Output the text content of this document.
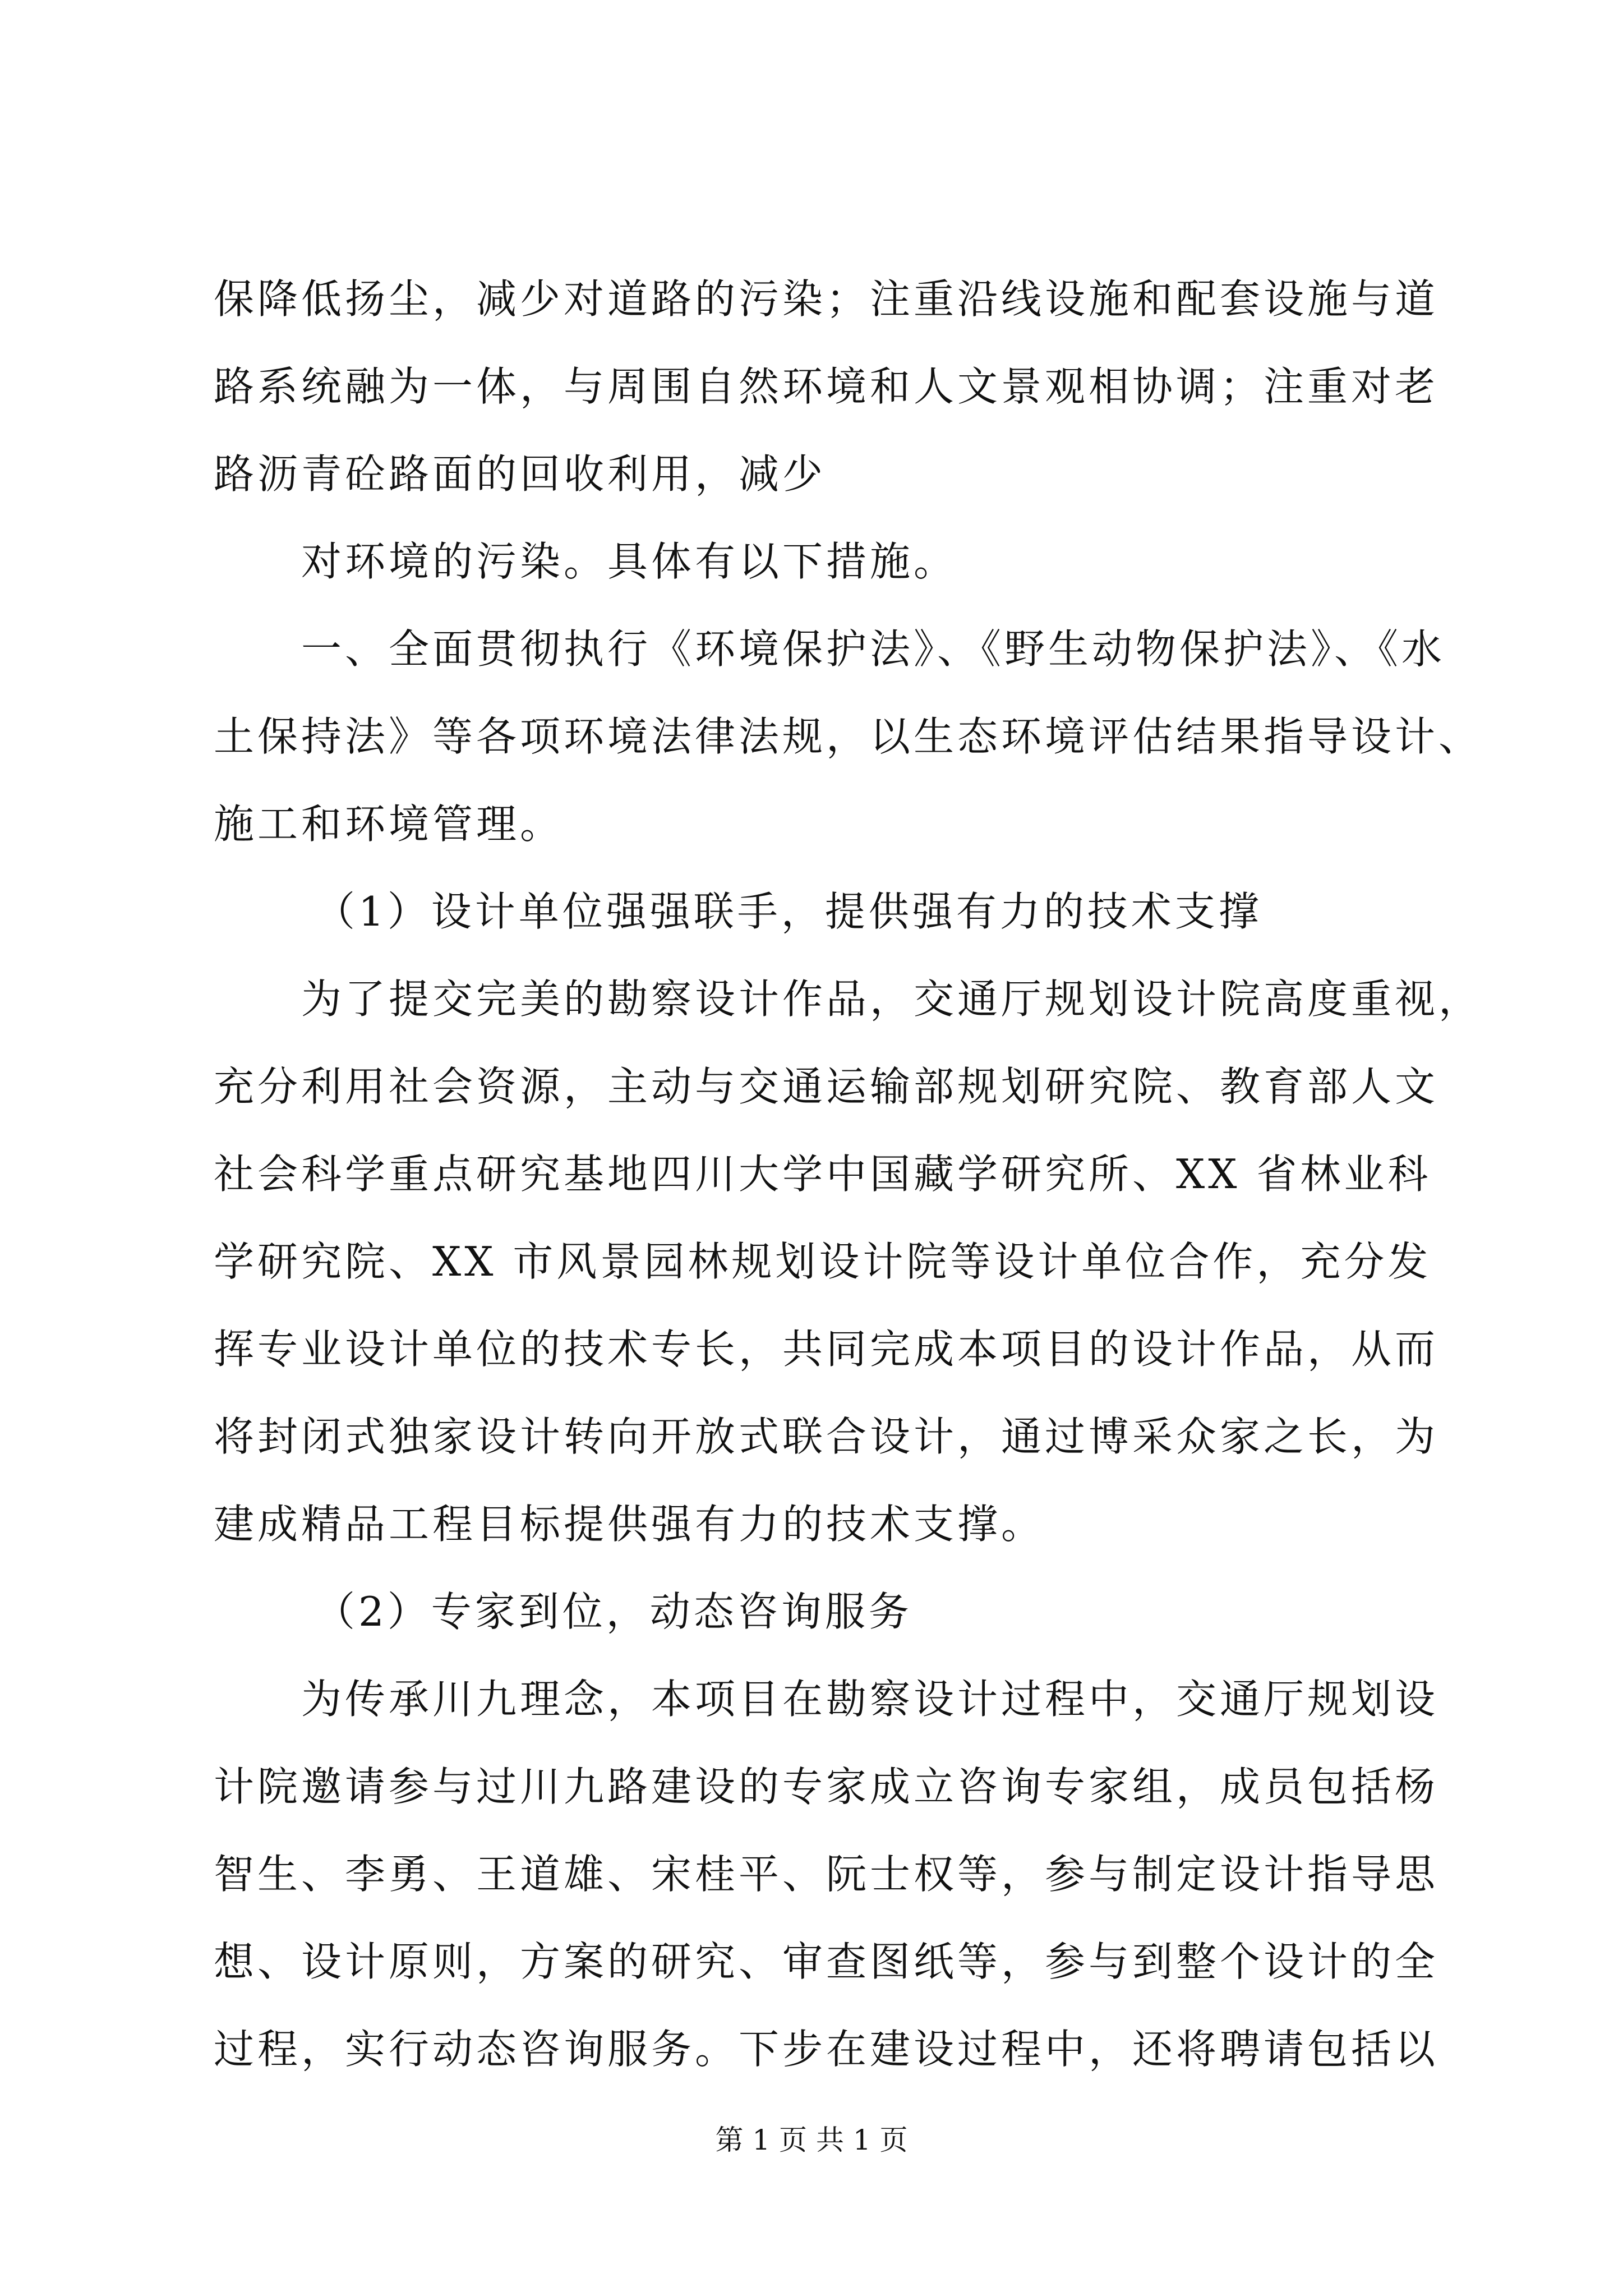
保降低扬尘，减少对道路的污染；注重沿线设施和配套设施与道
路系统融为一体，与周围自然环境和人文景观相协调；注重对老
路沥青砼路面的回收利用，减少
对环境的污染。具体有以下措施。
一、全面贯彻执行《环境保护法》、《野生动物保护法》、《水
土保持法》等各项环境法律法规，以生态环境评估结果指导设计、
施工和环境管理。
（1）设计单位强强联手，提供强有力的技术支撑
为了提交完美的勘察设计作品，交通厅规划设计院高度重视，
充分利用社会资源，主动与交通运输部规划研究院、教育部人文
社会科学重点研究基地四川大学中国藏学研究所、XX 省林业科
学研究院、XX 市风景园林规划设计院等设计单位合作，充分发
挥专业设计单位的技术专长，共同完成本项目的设计作品，从而
将封闭式独家设计转向开放式联合设计，通过博采众家之长，为
建成精品工程目标提供强有力的技术支撑。
（2）专家到位，动态咨询服务
为传承川九理念，本项目在勘察设计过程中，交通厅规划设
计院邀请参与过川九路建设的专家成立咨询专家组，成员包括杨
智生、李勇、王道雄、宋桂平、阮士权等，参与制定设计指导思
想、设计原则，方案的研究、审查图纸等，参与到整个设计的全
过程，实行动态咨询服务。下步在建设过程中，还将聘请包括以
第 1 页 共 1 页
